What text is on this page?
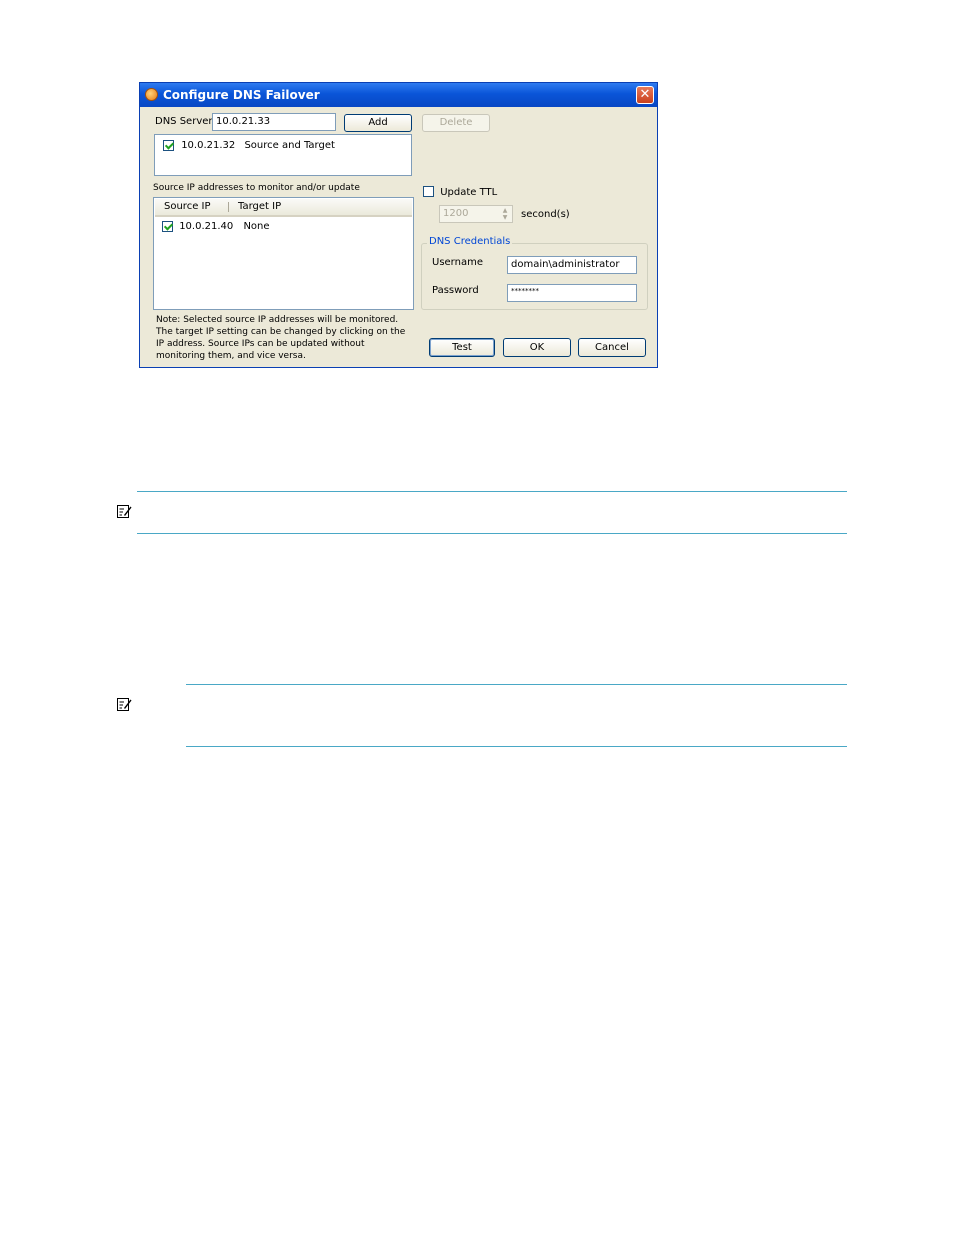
Configure DNS Failover	✕
DNS Server 10.0.21.33	Add	Delete
10.0.21.32 Source and Target
Source IP addresses to monitor and/or update
Source IP	Target IP
10.0.21.40 None
Update TTL
1200	▲
▼	second(s)
DNS Credentials
Username	domain\administrator
Password	********
Note: Selected source IP addresses will be monitored. The target IP setting can be changed by clicking on the IP address. Source IPs can be updated without monitoring them, and vice versa.
Test	OK	Cancel
